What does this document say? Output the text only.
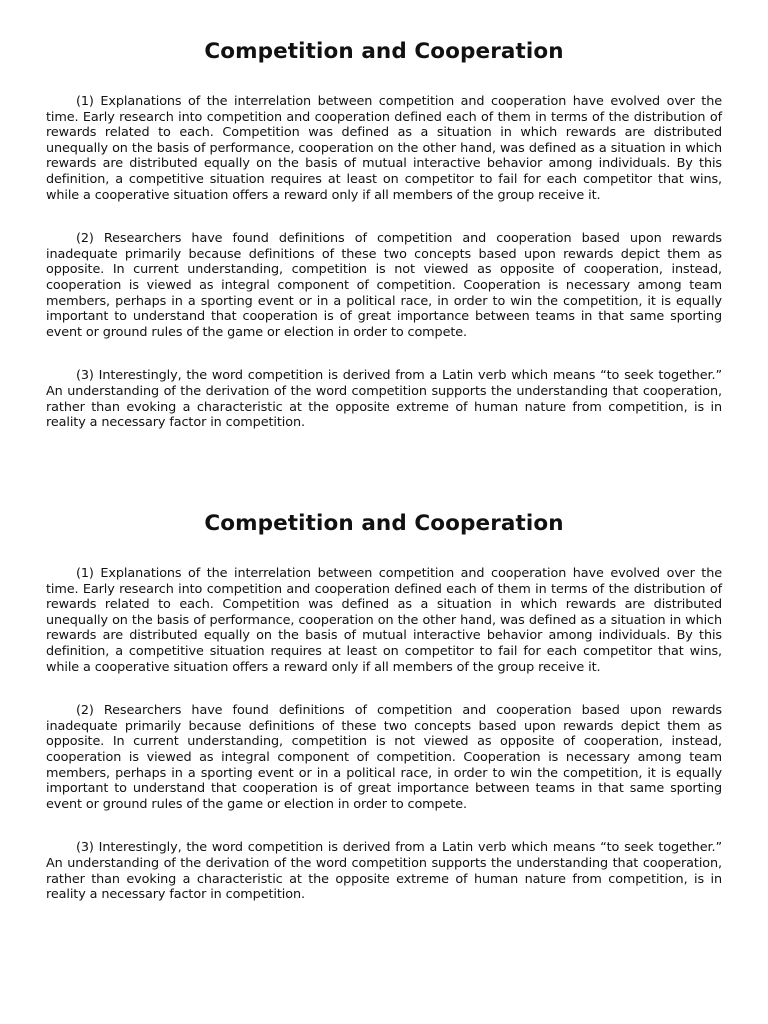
Competition and Cooperation

(1) Explanations of the interrelation between competition and cooperation have evolved over the time. Early research into competition and cooperation defined each of them in terms of the distribution of rewards related to each. Competition was defined as a situation in which rewards are distributed unequally on the basis of performance, cooperation on the other hand, was defined as a situation in which rewards are distributed equally on the basis of mutual interactive behavior among individuals. By this definition, a competitive situation requires at least on competitor to fail for each competitor that wins, while a cooperative situation offers a reward only if all members of the group receive it.

(2) Researchers have found definitions of competition and cooperation based upon rewards inadequate primarily because definitions of these two concepts based upon rewards depict them as opposite. In current understanding, competition is not viewed as opposite of cooperation, instead, cooperation is viewed as integral component of competition. Cooperation is necessary among team members, perhaps in a sporting event or in a political race, in order to win the competition, it is equally important to understand that cooperation is of great importance between teams in that same sporting event or ground rules of the game or election in order to compete.

(3) Interestingly, the word competition is derived from a Latin verb which means “to seek together.” An understanding of the derivation of the word competition supports the understanding that cooperation, rather than evoking a characteristic at the opposite extreme of human nature from competition, is in reality a necessary factor in competition.

Competition and Cooperation

(1) Explanations of the interrelation between competition and cooperation have evolved over the time. Early research into competition and cooperation defined each of them in terms of the distribution of rewards related to each. Competition was defined as a situation in which rewards are distributed unequally on the basis of performance, cooperation on the other hand, was defined as a situation in which rewards are distributed equally on the basis of mutual interactive behavior among individuals. By this definition, a competitive situation requires at least on competitor to fail for each competitor that wins, while a cooperative situation offers a reward only if all members of the group receive it.

(2) Researchers have found definitions of competition and cooperation based upon rewards inadequate primarily because definitions of these two concepts based upon rewards depict them as opposite. In current understanding, competition is not viewed as opposite of cooperation, instead, cooperation is viewed as integral component of competition. Cooperation is necessary among team members, perhaps in a sporting event or in a political race, in order to win the competition, it is equally important to understand that cooperation is of great importance between teams in that same sporting event or ground rules of the game or election in order to compete.

(3) Interestingly, the word competition is derived from a Latin verb which means “to seek together.” An understanding of the derivation of the word competition supports the understanding that cooperation, rather than evoking a characteristic at the opposite extreme of human nature from competition, is in reality a necessary factor in competition.
